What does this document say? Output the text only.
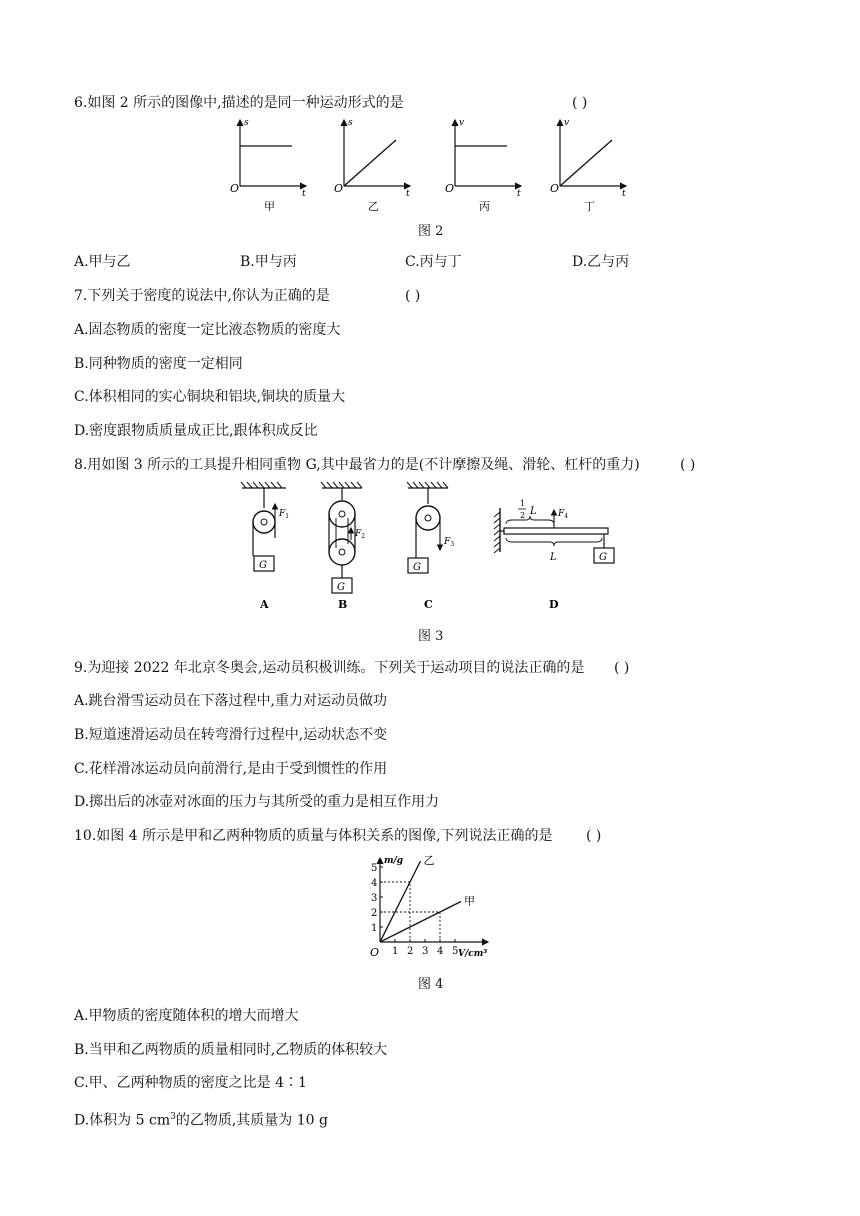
6.如图 2 所示的图像中,描述的是同一种运动形式的是	( )
s
t
O
甲
s
t
O
乙
v
t
O
丙
v
t
O
丁
图 2
A.甲与乙	B.甲与丙	C.丙与丁	D.乙与丙
7.下列关于密度的说法中,你认为正确的是	( )
A.固态物质的密度一定比液态物质的密度大
B.同种物质的密度一定相同
C.体积相同的实心铜块和铝块,铜块的质量大
D.密度跟物质质量成正比,跟体积成反比
8.用如图 3 所示的工具提升相同重物 G,其中最省力的是(不计摩擦及绳、滑轮、杠杆的重力)	( )
$F_1$
G
A
$F_2$
G
B
$F_3$
G
C
$F_4$
1
2 L
L	G
D
图 3
9.为迎接 2022 年北京冬奥会,运动员积极训练。下列关于运动项目的说法正确的是 ( )
A.跳台滑雪运动员在下落过程中,重力对运动员做功
B.短道速滑运动员在转弯滑行过程中,运动状态不变
C.花样滑冰运动员向前滑行,是由于受到惯性的作用
D.掷出后的冰壶对冰面的压力与其所受的重力是相互作用力
10.如图 4 所示是甲和乙两种物质的质量与体积关系的图像,下列说法正确的是 ( )
m/g
V/cm³
O 1 2 3 4 5
1
2
3
4
5
乙
甲
图 4
A.甲物质的密度随体积的增大而增大
B.当甲和乙两物质的质量相同时,乙物质的体积较大
C.甲、乙两种物质的密度之比是 4∶1
D.体积为 5 $cm^3$的乙物质,其质量为 10 g
